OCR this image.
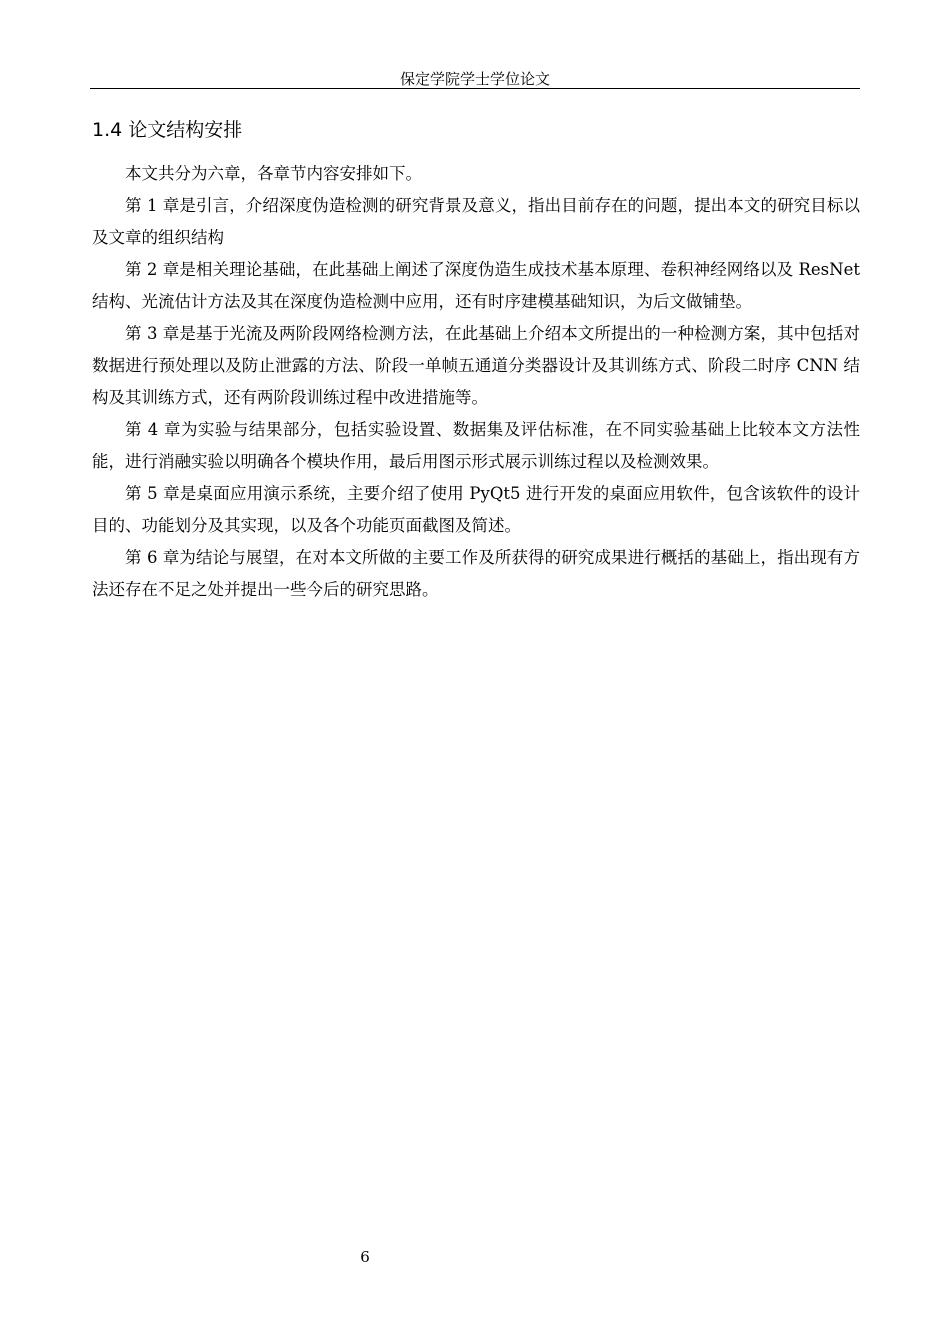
保定学院学士学位论文
1.4 论文结构安排

本文共分为六章，各章节内容安排如下。

第 1 章是引言，介绍深度伪造检测的研究背景及意义，指出目前存在的问题，提出本文的研究目标以及文章的组织结构

第 2 章是相关理论基础，在此基础上阐述了深度伪造生成技术基本原理、卷积神经网络以及 ResNet 结构、光流估计方法及其在深度伪造检测中应用，还有时序建模基础知识，为后文做铺垫。

第 3 章是基于光流及两阶段网络检测方法，在此基础上介绍本文所提出的一种检测方案，其中包括对数据进行预处理以及防止泄露的方法、阶段一单帧五通道分类器设计及其训练方式、阶段二时序 CNN 结构及其训练方式，还有两阶段训练过程中改进措施等。

第 4 章为实验与结果部分，包括实验设置、数据集及评估标准，在不同实验基础上比较本文方法性能，进行消融实验以明确各个模块作用，最后用图示形式展示训练过程以及检测效果。

第 5 章是桌面应用演示系统，主要介绍了使用 PyQt5 进行开发的桌面应用软件，包含该软件的设计目的、功能划分及其实现，以及各个功能页面截图及简述。

第 6 章为结论与展望，在对本文所做的主要工作及所获得的研究成果进行概括的基础上，指出现有方法还存在不足之处并提出一些今后的研究思路。

6
